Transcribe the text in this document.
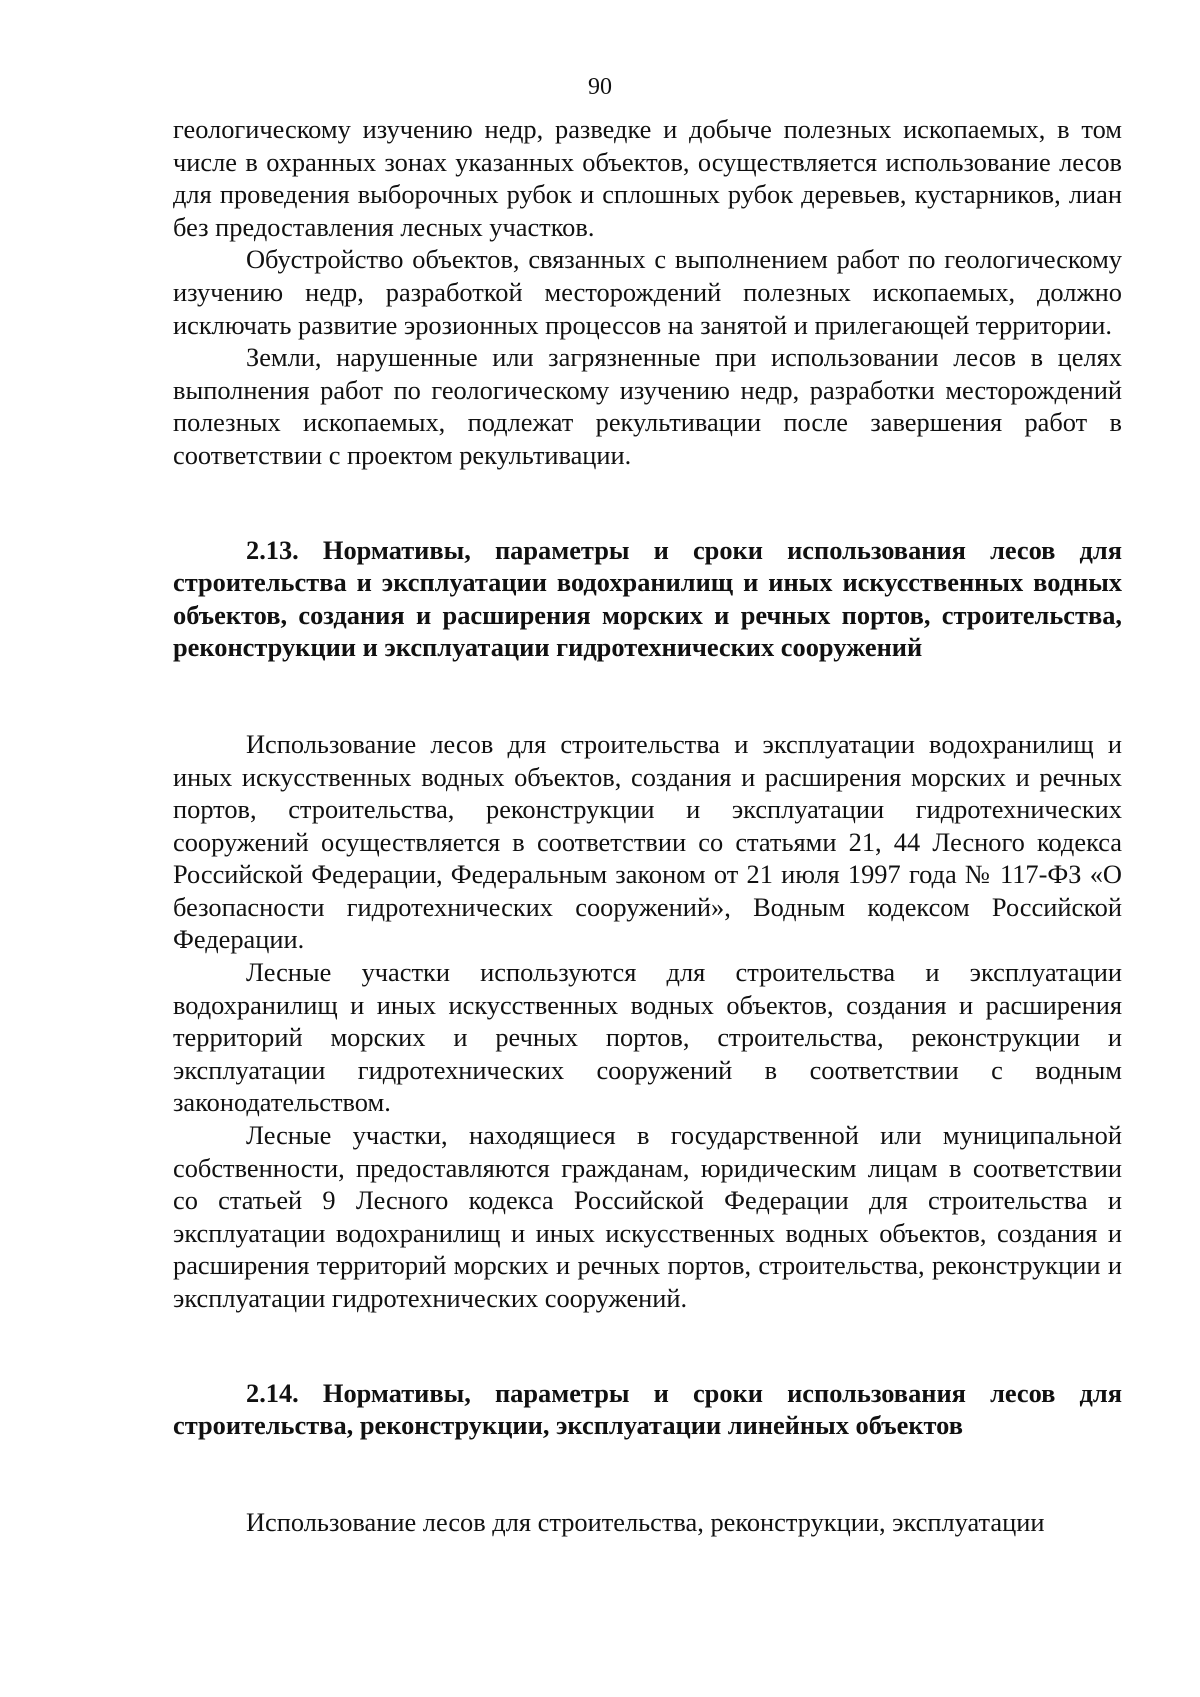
90

геологическому изучению недр, разведке и добыче полезных ископаемых, в том числе в охранных зонах указанных объектов, осуществляется использование лесов для проведения выборочных рубок и сплошных рубок деревьев, кустарников, лиан без предоставления лесных участков.

Обустройство объектов, связанных с выполнением работ по геологическому изучению недр, разработкой месторождений полезных ископаемых, должно исключать развитие эрозионных процессов на занятой и прилегающей территории.

Земли, нарушенные или загрязненные при использовании лесов в целях выполнения работ по геологическому изучению недр, разработки месторождений полезных ископаемых, подлежат рекультивации после завершения работ в соответствии с проектом рекультивации.

2.13. Нормативы, параметры и сроки использования лесов для строительства и эксплуатации водохранилищ и иных искусственных водных объектов, создания и расширения морских и речных портов, строительства, реконструкции и эксплуатации гидротехнических сооружений

Использование лесов для строительства и эксплуатации водохранилищ и иных искусственных водных объектов, создания и расширения морских и речных портов, строительства, реконструкции и эксплуатации гидротехнических сооружений осуществляется в соответствии со статьями 21, 44 Лесного кодекса Российской Федерации, Федеральным законом от 21 июля 1997 года № 117-ФЗ «О безопасности гидротехнических сооружений», Водным кодексом Российской Федерации.

Лесные участки используются для строительства и эксплуатации водохранилищ и иных искусственных водных объектов, создания и расширения территорий морских и речных портов, строительства, реконструкции и эксплуатации гидротехнических сооружений в соответствии с водным законодательством.

Лесные участки, находящиеся в государственной или муниципальной собственности, предоставляются гражданам, юридическим лицам в соответствии со статьей 9 Лесного кодекса Российской Федерации для строительства и эксплуатации водохранилищ и иных искусственных водных объектов, создания и расширения территорий морских и речных портов, строительства, реконструкции и эксплуатации гидротехнических сооружений.

2.14. Нормативы, параметры и сроки использования лесов для строительства, реконструкции, эксплуатации линейных объектов

Использование лесов для строительства, реконструкции, эксплуатации
